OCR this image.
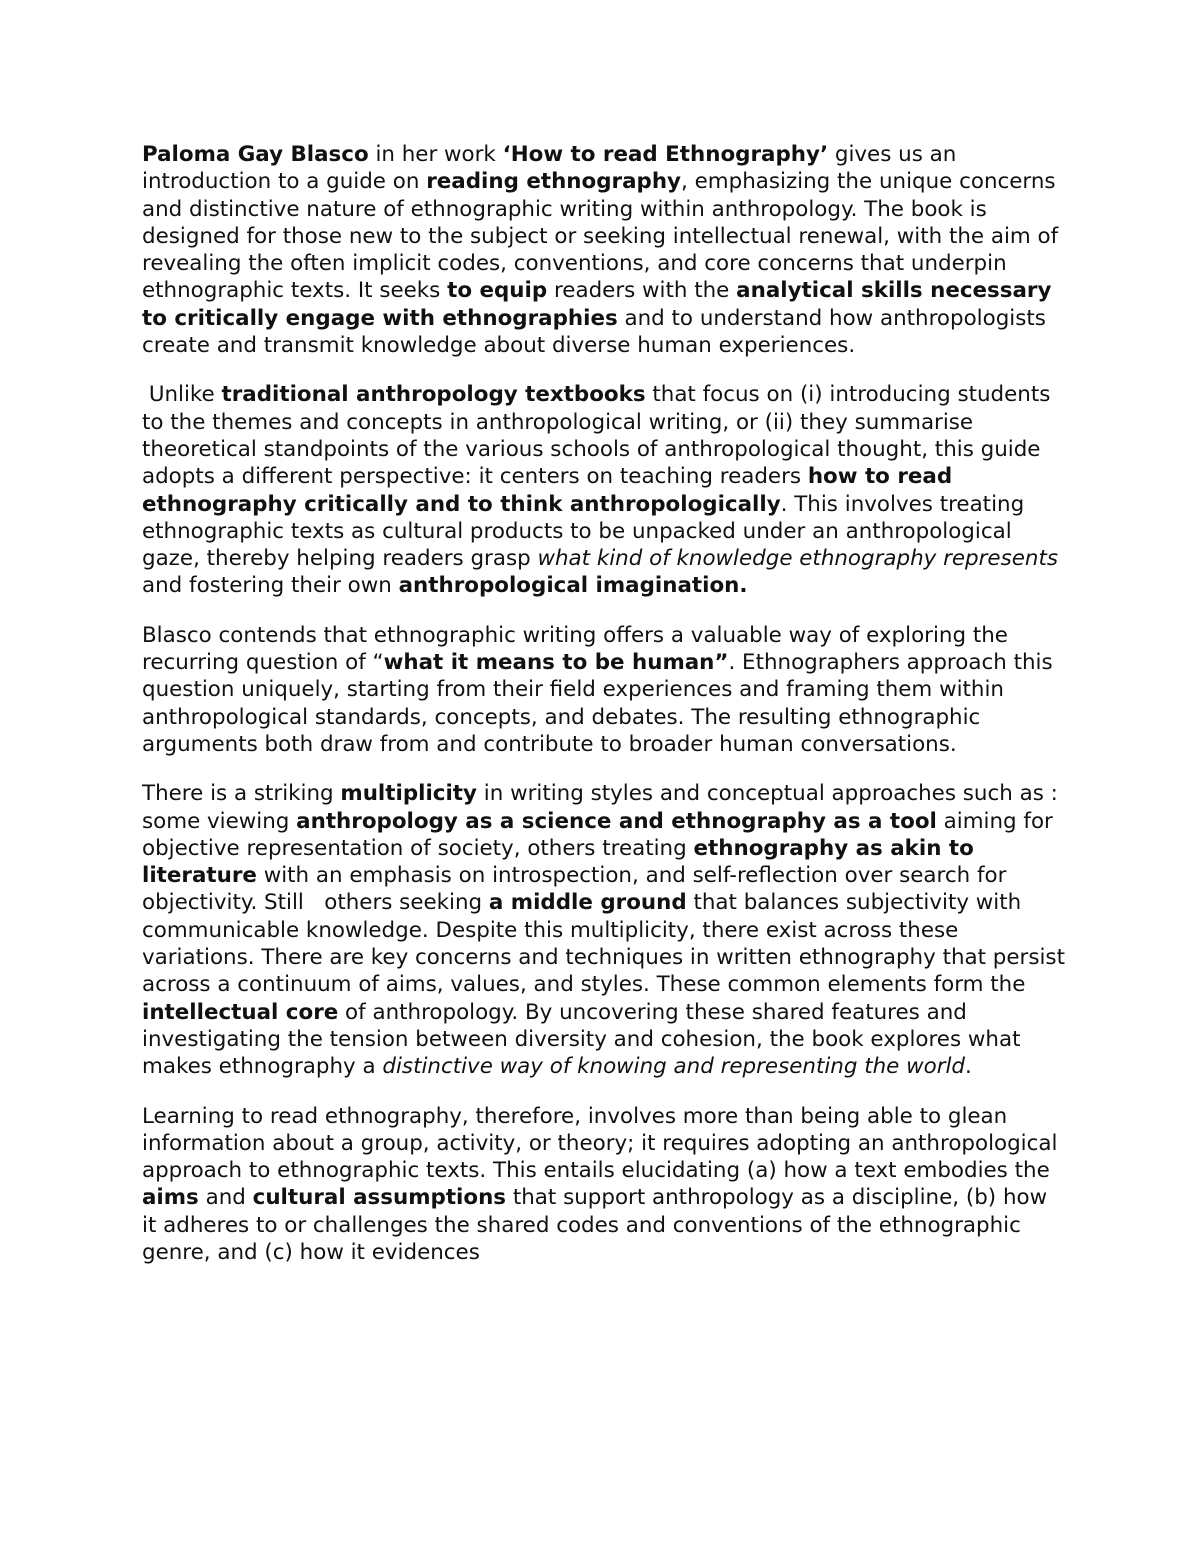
Paloma Gay Blasco in her work ‘How to read Ethnography’ gives us an introduction to a guide on reading ethnography, emphasizing the unique concerns and distinctive nature of ethnographic writing within anthropology. The book is designed for those new to the subject or seeking intellectual renewal, with the aim of revealing the often implicit codes, conventions, and core concerns that underpin ethnographic texts. It seeks to equip readers with the analytical skills necessary to critically engage with ethnographies and to understand how anthropologists create and transmit knowledge about diverse human experiences.

Unlike traditional anthropology textbooks that focus on (i) introducing students to the themes and concepts in anthropological writing, or (ii) they summarise theoretical standpoints of the various schools of anthropological thought, this guide adopts a different perspective: it centers on teaching readers how to read ethnography critically and to think anthropologically. This involves treating ethnographic texts as cultural products to be unpacked under an anthropological gaze, thereby helping readers grasp what kind of knowledge ethnography represents and fostering their own anthropological imagination.

Blasco contends that ethnographic writing offers a valuable way of exploring the recurring question of “what it means to be human”. Ethnographers approach this question uniquely, starting from their field experiences and framing them within anthropological standards, concepts, and debates. The resulting ethnographic arguments both draw from and contribute to broader human conversations.

There is a striking multiplicity in writing styles and conceptual approaches such as : some viewing anthropology as a science and ethnography as a tool aiming for objective representation of society, others treating ethnography as akin to literature with an emphasis on introspection, and self-reflection over search for objectivity. Still   others seeking a middle ground that balances subjectivity with communicable knowledge. Despite this multiplicity, there exist across these variations. There are key concerns and techniques in written ethnography that persist across a continuum of aims, values, and styles. These common elements form the intellectual core of anthropology. By uncovering these shared features and investigating the tension between diversity and cohesion, the book explores what makes ethnography a distinctive way of knowing and representing the world.

Learning to read ethnography, therefore, involves more than being able to glean information about a group, activity, or theory; it requires adopting an anthropological approach to ethnographic texts. This entails elucidating (a) how a text embodies the aims and cultural assumptions that support anthropology as a discipline, (b) how it adheres to or challenges the shared codes and conventions of the ethnographic genre, and (c) how it evidences
